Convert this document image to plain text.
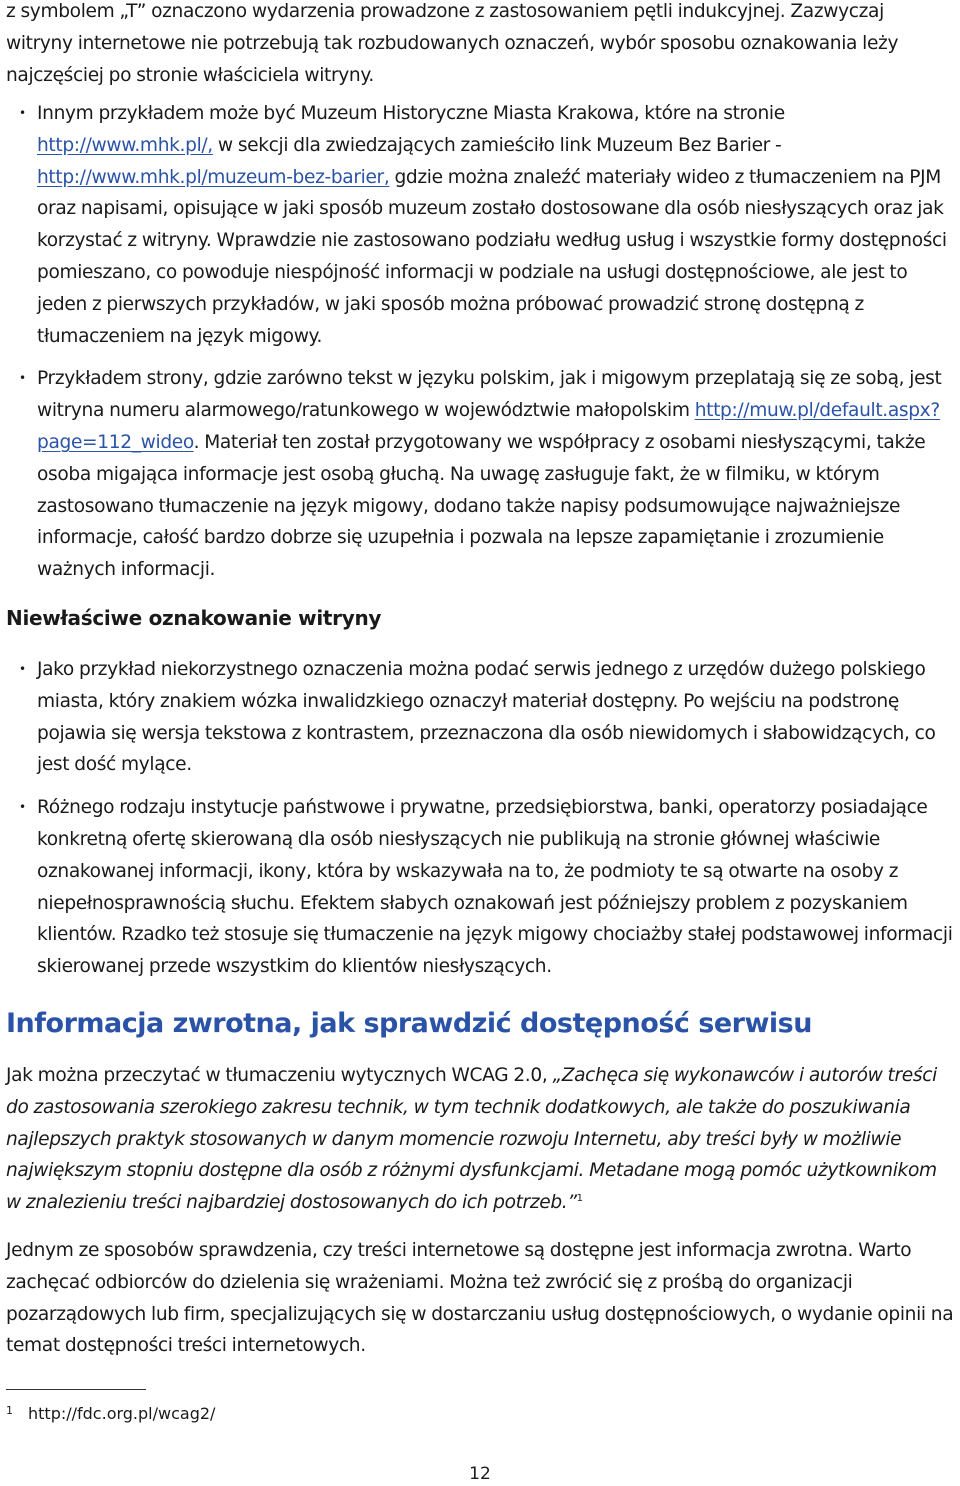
z symbolem „T” oznaczono wydarzenia prowadzone z zastosowaniem pętli indukcyjnej. Zazwyczaj witryny internetowe nie potrzebują tak rozbudowanych oznaczeń, wybór sposobu oznakowania leży najczęściej po stronie właściciela witryny.

• Innym przykładem może być Muzeum Historyczne Miasta Krakowa, które na stronie http://www.mhk.pl/, w sekcji dla zwiedzających zamieściło link Muzeum Bez Barier - http://www.mhk.pl/muzeum-bez-barier, gdzie można znaleźć materiały wideo z tłumaczeniem na PJM oraz napisami, opisujące w jaki sposób muzeum zostało dostosowane dla osób niesłyszących oraz jak korzystać z witryny. Wprawdzie nie zastosowano podziału według usług i wszystkie formy dostępności pomieszano, co powoduje niespójność informacji w podziale na usługi dostępnościowe, ale jest to jeden z pierwszych przykładów, w jaki sposób można próbować prowadzić stronę dostępną z tłumaczeniem na język migowy.

• Przykładem strony, gdzie zarówno tekst w języku polskim, jak i migowym przeplatają się ze sobą, jest witryna numeru alarmowego/ratunkowego w województwie małopolskim http://muw.pl/default.aspx?page=112_wideo. Materiał ten został przygotowany we współpracy z osobami niesłyszącymi, także osoba migająca informacje jest osobą głuchą. Na uwagę zasługuje fakt, że w filmiku, w którym zastosowano tłumaczenie na język migowy, dodano także napisy podsumowujące najważniejsze informacje, całość bardzo dobrze się uzupełnia i pozwala na lepsze zapamiętanie i zrozumienie ważnych informacji.

Niewłaściwe oznakowanie witryny
• Jako przykład niekorzystnego oznaczenia można podać serwis jednego z urzędów dużego polskiego miasta, który znakiem wózka inwalidzkiego oznaczył materiał dostępny. Po wejściu na podstronę pojawia się wersja tekstowa z kontrastem, przeznaczona dla osób niewidomych i słabowidzących, co jest dość mylące.

• Różnego rodzaju instytucje państwowe i prywatne, przedsiębiorstwa, banki, operatorzy posiadające konkretną ofertę skierowaną dla osób niesłyszących nie publikują na stronie głównej właściwie oznakowanej informacji, ikony, która by wskazywała na to, że podmioty te są otwarte na osoby z niepełnosprawnością słuchu. Efektem słabych oznakowań jest późniejszy problem z pozyskaniem klientów. Rzadko też stosuje się tłumaczenie na język migowy chociażby stałej podstawowej informacji skierowanej przede wszystkim do klientów niesłyszących.

Informacja zwrotna, jak sprawdzić dostępność serwisu

Jak można przeczytać w tłumaczeniu wytycznych WCAG 2.0, „Zachęca się wykonawców i autorów treści do zastosowania szerokiego zakresu technik, w tym technik dodatkowych, ale także do poszukiwania najlepszych praktyk stosowanych w danym momencie rozwoju Internetu, aby treści były w możliwie największym stopniu dostępne dla osób z różnymi dysfunkcjami. Metadane mogą pomóc użytkownikom w znalezieniu treści najbardziej dostosowanych do ich potrzeb.”$^1$

Jednym ze sposobów sprawdzenia, czy treści internetowe są dostępne jest informacja zwrotna. Warto zachęcać odbiorców do dzielenia się wrażeniami. Można też zwrócić się z prośbą do organizacji pozarządowych lub firm, specjalizujących się w dostarczaniu usług dostępnościowych, o wydanie opinii na temat dostępności treści internetowych.

1 http://fdc.org.pl/wcag2/
12
